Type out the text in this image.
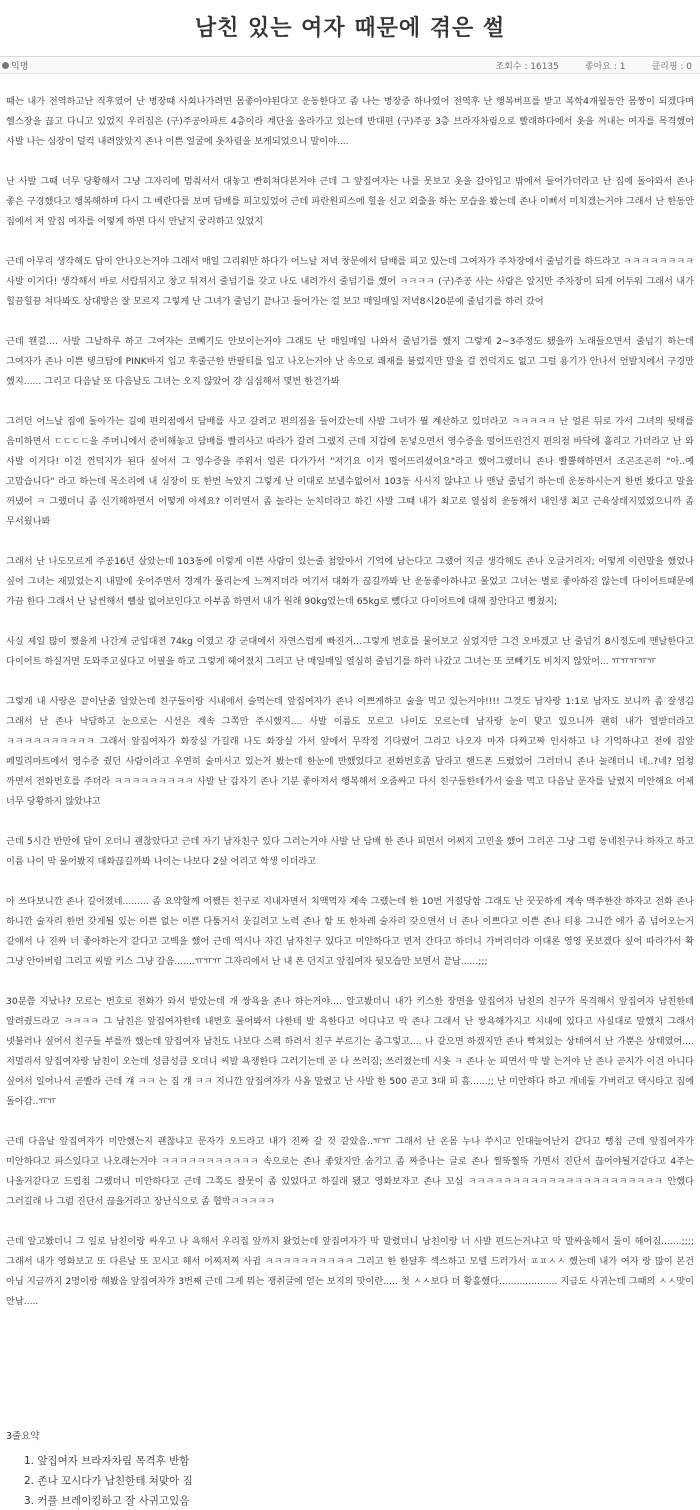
남친 있는 여자 때문에 겪은 썰
익명	조회수 : 16135	좋아요 : 1	클리핑 : 0

때는 내가 전역하고난 직후였어 난 병장때 사회나가려면 몸좋아야된다고 운동한다고 좀 나는 병장중 하나였어 전역후 난 행복버프를 받고 복학4개월동안 몸짱이 되겠다며 헬스장을 끊고 다니고 있었지 우리집은 (구)주공아파트 4층이라 계단을 올라가고 있는데 반대편 (구)주공 3층 브라자차림으로 빨래하다에서 옷을 꺼내는 여자를 목격했어 사발 나는 심장이 덜컥 내려앉았지 존나 이쁜 얼굴에 옷차림을 보게되었으니 말이야....

난 사발 그때 너무 당황해서 그냥 그자리에 멈춰서서 대놓고 빤히쳐다본거야 근데 그 앞집여자는 나를 못보고 옷을 갈아입고 밖에서 들어가더라고 난 집에 돌아와서 존나 좋은 구경했다고 행복해하며 다시 그 베란다를 보며 담배를 피고있었어 근데 파란원피스에 힐을 신고 외출을 하는 모습을 봤는데 존나 이뻐서 미치겠는거야 그래서 난 한동안 집에서 저 앞집 여자를 어떻게 하면 다시 만날지 궁리하고 있었지

근데 아무리 생각해도 답이 안나오는거야 그래서 매일 그리워만 하다가 어느날 저녁 창문에서 담배를 피고 있는데 그여자가 주차장에서 줄넘기를 하드라고 ㅋㅋㅋㅋㅋㅋㅋㅋ 사발 이거다! 생각해서 바로 서랍뒤지고 창고 뒤져서 줄넘기를 갖고 나도 내려가서 줄넘기를 했어 ㅋㅋㅋㅋ (구)주공 사는 사람은 알지만 주차장이 되게 어두워 그래서 내가 힐끔힐끔 쳐다봐도 상대방은 잘 모르지 그렇게 난 그녀가 줄넘기 끝나고 들어가는 걸 보고 매일매일 저녁8시20분에 줄넘기를 하러 갔어

근데 왠걸.... 사발 그날하루 하고 그여자는 코빼기도 안보이는거야 그래도 난 매일매일 나와서 줄넘기를 했지 그렇게 2~3주정도 됐을까 노래들으면서 줄넘기 하는데 그여자가 존나 이쁜 탱크탑에 PINK바지 입고 후줄근한 반팔티를 입고 나오는거야 난 속으로 쾌재를 불렀지만 말을 걸 껀덕지도 없고 그럴 용기가 안나서 언발치에서 구경만 했지...... 그리고 다음날 또 다음날도 그녀는 오지 않았어 걍 심심해서 몇번 한건가봐

그러던 어느날 집에 돌아가는 길에 편의점에서 담배를 사고 갈려고 편의점을 들어갔는데 사발 그녀가 뭘 계산하고 있더라고 ㅋㅋㅋㅋㅋ 난 얼른 뒤로 가서 그녀의 뒷태를 음미하면서 ㄷㄷㄷㄷ을 주머니에서 준비해놓고 담배를 빨리사고 따라가 갈려 그랬지 근데 지갑에 돈넣으면서 영수증을 떨어뜨린건지 편의점 바닥에 흘리고 가더라고 난 와 사발 이거다! 이건 껀덕지가 된다 싶어서 그 영수증을 주워서 얼른 다가가서 "저기요 이거 떨어뜨리셨어요"라고 했어그랬더니 존나 빨뿔해하면서 조곤조곤히 "아..예 고맙습니다" 라고 하는데 목소리에 내 심장이 또 한번 녹았지 그렇게 난 이대로 보낼수없어서 103동 사시지 않냐고 나 맨날 줄넘기 하는데 운동하시는거 한번 봤다고 말을 꺼냈어 ㅋ 그랬더니 좀 신기해하면서 어떻게 아세요? 이러면서 좀 놀라는 눈치더라고 하긴 사발 그때 내가 최고로 열심히 운동해서 내인생 최고 근육상태지였었으니까 좀 무서웠나봐

그래서 난 나도모르게 주공16년 살았는데 103동에 이렇게 이쁜 사람이 있는줄 첨알아서 기억에 남는다고 그랬어 지금 생각해도 존나 오글거리지; 어떻게 이런말을 했었나 싶어 그녀는 재밌었는지 내말에 웃어주면서 경계가 풀리는게 느껴지더라 여기서 대화가 끊길까봐 난 운동좋아하냐고 물었고 그녀는 별로 좋아하진 않는데 다이어트때문에 가끔 한다 그래서 난 날씬해서 뺄살 없어보인다고 아부좀 하면서 내가 원래 90kg였는데 65kg로 뺐다고 다이어트에 대해 잘안다고 뻥쳤지;

사실 제일 많이 쪘을게 나간게 군입대전 74kg 이였고 걍 군대에서 자연스럽게 빠진거...그렇게 번호를 물어보고 싶었지만 그건 오바겠고 난 줄넘기 8시정도에 맨날한다고 다이어트 하실거면 도와주고싶다고 어필을 하고 그렇게 헤어졌지 그리고 난 매일매일 열심히 줄넘기를 하러 나갔고 그녀는 또 코빼기도 비치지 않았어... ㅠㅠㅠㅠㅠ

그렇게 내 사랑은 끝이난줄 알았는데 친구들이랑 시내에서 술먹는데 앞집여자가 존나 이쁘게하고 술을 먹고 있는거야!!!! 그것도 남자랑 1:1로 남자도 보니까 좀 잘생김 그래서 난 존나 낙담하고 눈으로는 시선은 계속 그쪽만 주시했지.... 사발 이름도 모르고 나이도 모르는데 남자랑 눈이 맞고 있으니까 괜히 내가 열받더라고 ㅋㅋㅋㅋㅋㅋㅋㅋㅋㅋ 그래서 앞집여자가 화장실 가길래 나도 화장실 가서 앞에서 무작정 기다렸어 그리고 나오자 마자 다짜고짜 인사하고 나 기억하냐고 전에 집앞 페밀리마트에서 영수증 줬던 사람이라고 우연히 술마시고 있는거 봤는데 한눈에 반했었다고 전화번호좀 달라고 핸드폰 드렸었어 그러더니 존나 놀래더니 네..?네? 엄청 까면서 전화번호를 주더라 ㅋㅋㅋㅋㅋㅋㅋㅋㅋ 사발 난 갑자기 존나 기분 좋아져서 행복해서 오줌싸고 다시 친구들한테가서 술을 먹고 다음날 문자를 날렸지 미안해요 어제 너무 당황하지 않았냐고

근데 5시간 반만에 답이 오더니 괜찮았다고 근데 자기 남자친구 있다 그러는거야 사발 난 담배 한 존나 피면서 어쩌지 고민을 했어 그리곤 그냥 그럼 동네친구나 하자고 하고 이름 나이 막 물어봤지 대화끊길까봐 나이는 나보다 2살 어리고 학생 이더라고

아 쓰다보니깐 존나 길어졌네......... 좀 요약할께 어쨌든 친구로 지내자면서 치맥먹자 계속 그랬는데 한 10번 거절당함 그래도 난 꿋꿋하게 계속 맥주한잔 하자고 전화 존나 하니깐 술자리 한번 갖게될 있는 이쁜 없는 이쁜 다툼거서 웃길려고 노력 존나 함 또 한차례 술자리 갖으면서 너 존나 이쁘다고 이쁜 존나 티용 그니깐 애가 좀 넘어오는거 같애서 나 진짜 너 좋아하는거 같다고 고백을 했어 근데 역시나 자긴 남자친구 있다고 미안하다고 먼저 간다고 하더니 가버리더라 이대론 영영 못보겠다 싶어 따라가서 확 그냥 안아버림 그리고 씨발 키스 그냥 갈음.......ㅠㅠㅠ 그자리에서 난 내 폰 던지고 앞집여자 뒷모습만 보면서 끝남......;;;

30분쯤 지났나? 모르는 번호로 전화가 와서 받았는데 개 쌍욕을 존나 하는거야.... 알고봤더니 내가 키스한 장면을 앞집여자 남친의 친구가 목격해서 앞집여자 남친한테 알려줬드라고 ㅋㅋㅋㅋ 그 남친은 앞집여자한테 내번호 물어봐서 나한테 발 욕한다고 어디냐고 막 존나 그래서 난 쌍욕해가지고 시내에 있다고 사실대로 말했지 그래서 넷불러나 싶어서 친구들 부를까 했는데 앞집여자 남친도 나보다 스펙 하려서 친구 부르기는 좀그렇고.... 나 같으면 하겠지만 존나 빡쳐있는 상태여서 난 가뿐은 상태였어.... 저멀리서 앞집여자랑 남친이 오는데 성큼성큼 오더니 씨발 욕쟁한다 그러기는데 곧 나 쓰러짐; 쓰러졌는데 시옷 ㅋ 존나 눈 피면서 막 발 는거야 난 존나 곧지가 이건 아니다 싶어서 일어나서 곧빨라 근데 걔 ㅋㅋ 는 짐 걔 ㅋㅋ 지니깐 앞집여자가 사옴 말렸고 난 사발 한 500 곧고 3대 피 흠......;; 난 미안하다 하고 개네둘 가버리고 택시타고 집에 돌아감..ㅠㅠ

근데 다음날 앞집여자가 미안했는지 괜찮냐고 문자가 오드라고 내가 진짜 갈 것 같았음..ㅠㅠ 그래서 난 온몸 누나 쑤시고 인대늘어난거 같다고 뻥침 근데 앞집여자가 미안하다고 파스있다고 나오래는거야 ㅋㅋㅋㅋㅋㅋㅋㅋㅋㅋㅋ 속으로는 존나 좋았지만 숨기고 좀 짜증나는 글로 존나 찔뚝찔뚝 가면서 진단서 끊어야될거같다고 4주는 나올거같다고 드립침 그랬더니 미안하다고 근데 그쪽도 잘못이 좀 있었다고 하길래 됐고 영화보자고 존나 꼬심 ㅋㅋㅋㅋㅋㅋㅋㅋㅋㅋㅋㅋㅋㅋㅋㅋㅋㅋㅋㅋㅋㅋ 안했다 그러길래 나 그럼 진단서 끊을거라고 장난식으로 좀 협박ㅋㅋㅋㅋㅋ

근데 알고봤더니 그 일로 남친이랑 싸우고 나 욕해서 우리집 앞까지 왔었는데 앞집여자가 막 말렸더니 남친이랑 너 사발 편드는거냐고 막 말싸움해서 둘이 헤어짐.......;;;; 그래서 내가 영화보고 또 다른날 또 꼬시고 해서 어찌저찌 사귐 ㅋㅋㅋㅋㅋㅋㅋㅋㅋㅋ 그리고 한 한달후 섹스하고 모텔 드러가서 ㅍㅍㅅㅅ 했는데 내가 여자 랑 많이 본건 아님 지금까지 2명이랑 해봤음 앞집여자가 3번째 근데 그게 뭐는 쟁취글에 얻는 보지의 맛이란..... 첫 ㅅㅅ보다 더 황홀했다.................... 지금도 사귀는데 그때의 ㅅㅅ맛이 안남.....

3줄요약
1. 앞집여자 브라자차림 목격후 반함
2. 존나 꼬시다가 남친한테 쳐맞아 짐
3. 커플 브레이킹하고 잘 사귀고있음
